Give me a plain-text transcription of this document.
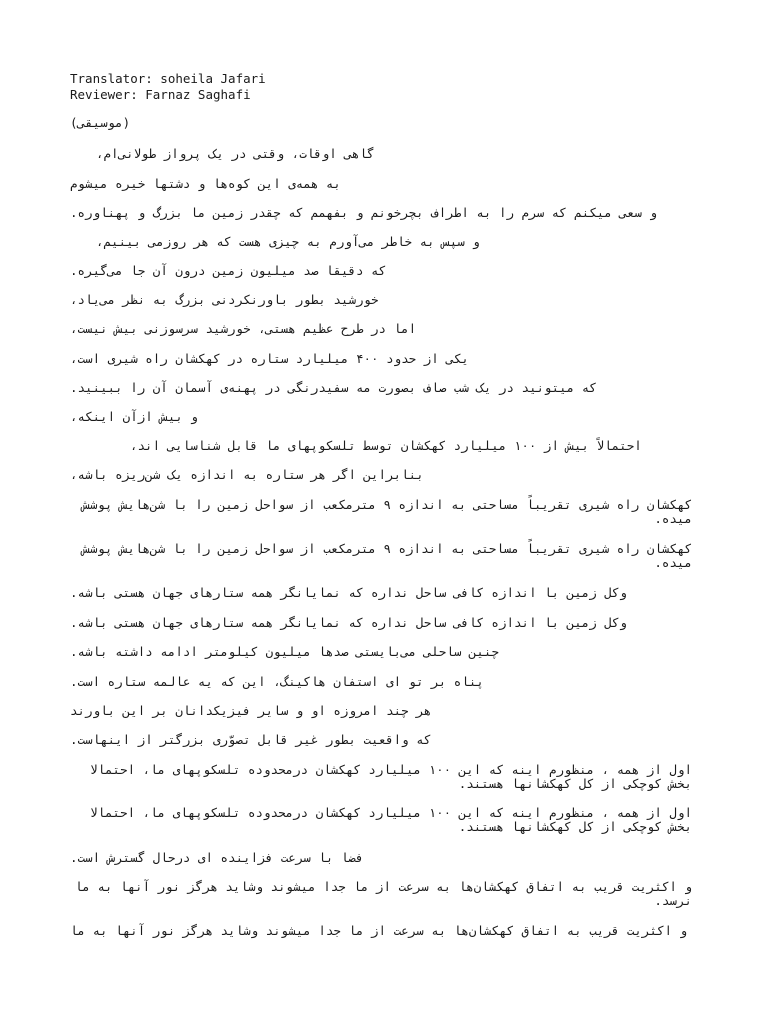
Translator: soheila Jafari
Reviewer: Farnaz Saghafi
(موسیقی)
گاهی اوقات، وقتی در یک پرواز طولانی‌ام،
به همه‌ی این کوه‌ها و دشتها خیره میشوم
و سعی میکنم که سرم را به اطراف بچرخونم و بفهمم که چقدر زمین ما بزرگ و پهناوره.
و سپس به خاطر می‌آورم به چیزی هست که هر روزمی بینیم،
که دقیقا صد میلیون زمین درون آن جا می‌گیره.
خورشید بطور باورنکردنی بزرگ به نظر می‌یاد،
اما در طرح عظیم هستی، خورشید سرسوزنی بیش نیست،
یکی از حدود ۴۰۰ میلیارد ستاره در کهکشان راه شیری است،
که میتونید در یک شب صاف بصورت مه سفیدرنگی در پهنه‌ی آسمان آن را ببینید.
و بیش ازآن اینکه،
احتمالاً بیش از ۱۰۰ میلیارد کهکشان توسط تلسکوپهای ما قابل شناسایی اند،
بنابراین اگر هر ستاره به اندازه یک شن‌ریزه باشه،
کهکشان راه شیری تقریباً مساحتی به اندازه ۹ مترمکعب از سواحل زمین را با شن‌هایش پوشش میده.
کهکشان راه شیری تقریباً مساحتی به اندازه ۹ مترمکعب از سواحل زمین را با شن‌هایش پوشش میده.
وکل زمین با اندازه کافی ساحل نداره که نمایانگر همه ستارهای جهان هستی باشه.
وکل زمین با اندازه کافی ساحل نداره که نمایانگر همه ستارهای جهان هستی باشه.
چنین ساحلی می‌بایستی صدها میلیون کیلومتر ادامه داشته باشه.
پناه بر تو ای استفان هاکینگ، این که یه عالمه ستاره است.
هر چند امروزه او و سایر فیزیکدانان بر این باورند
که واقعیت بطور غیر قابل تصوّری بزرگتر از اینهاست.
اول از همه ، منظورم اینه که این ۱۰۰ میلیارد کهکشان درمحدوده تلسکوپهای ما، احتمالا بخش کوچکی از کل کهکشانها هستند.
اول از همه ، منظورم اینه که این ۱۰۰ میلیارد کهکشان درمحدوده تلسکوپهای ما، احتمالا بخش کوچکی از کل کهکشانها هستند.
فضا با سرعت فزاینده ای درحال گسترش است.
و اکثریت قریب به اتفاق کهکشان‌ها به سرعت از ما جدا میشوند وشاید هرگز نور آنها به ما نرسد.
و اکثریت قریب به اتفاق کهکشان‌ها به سرعت از ما جدا میشوند وشاید هرگز نور آنها به ما
